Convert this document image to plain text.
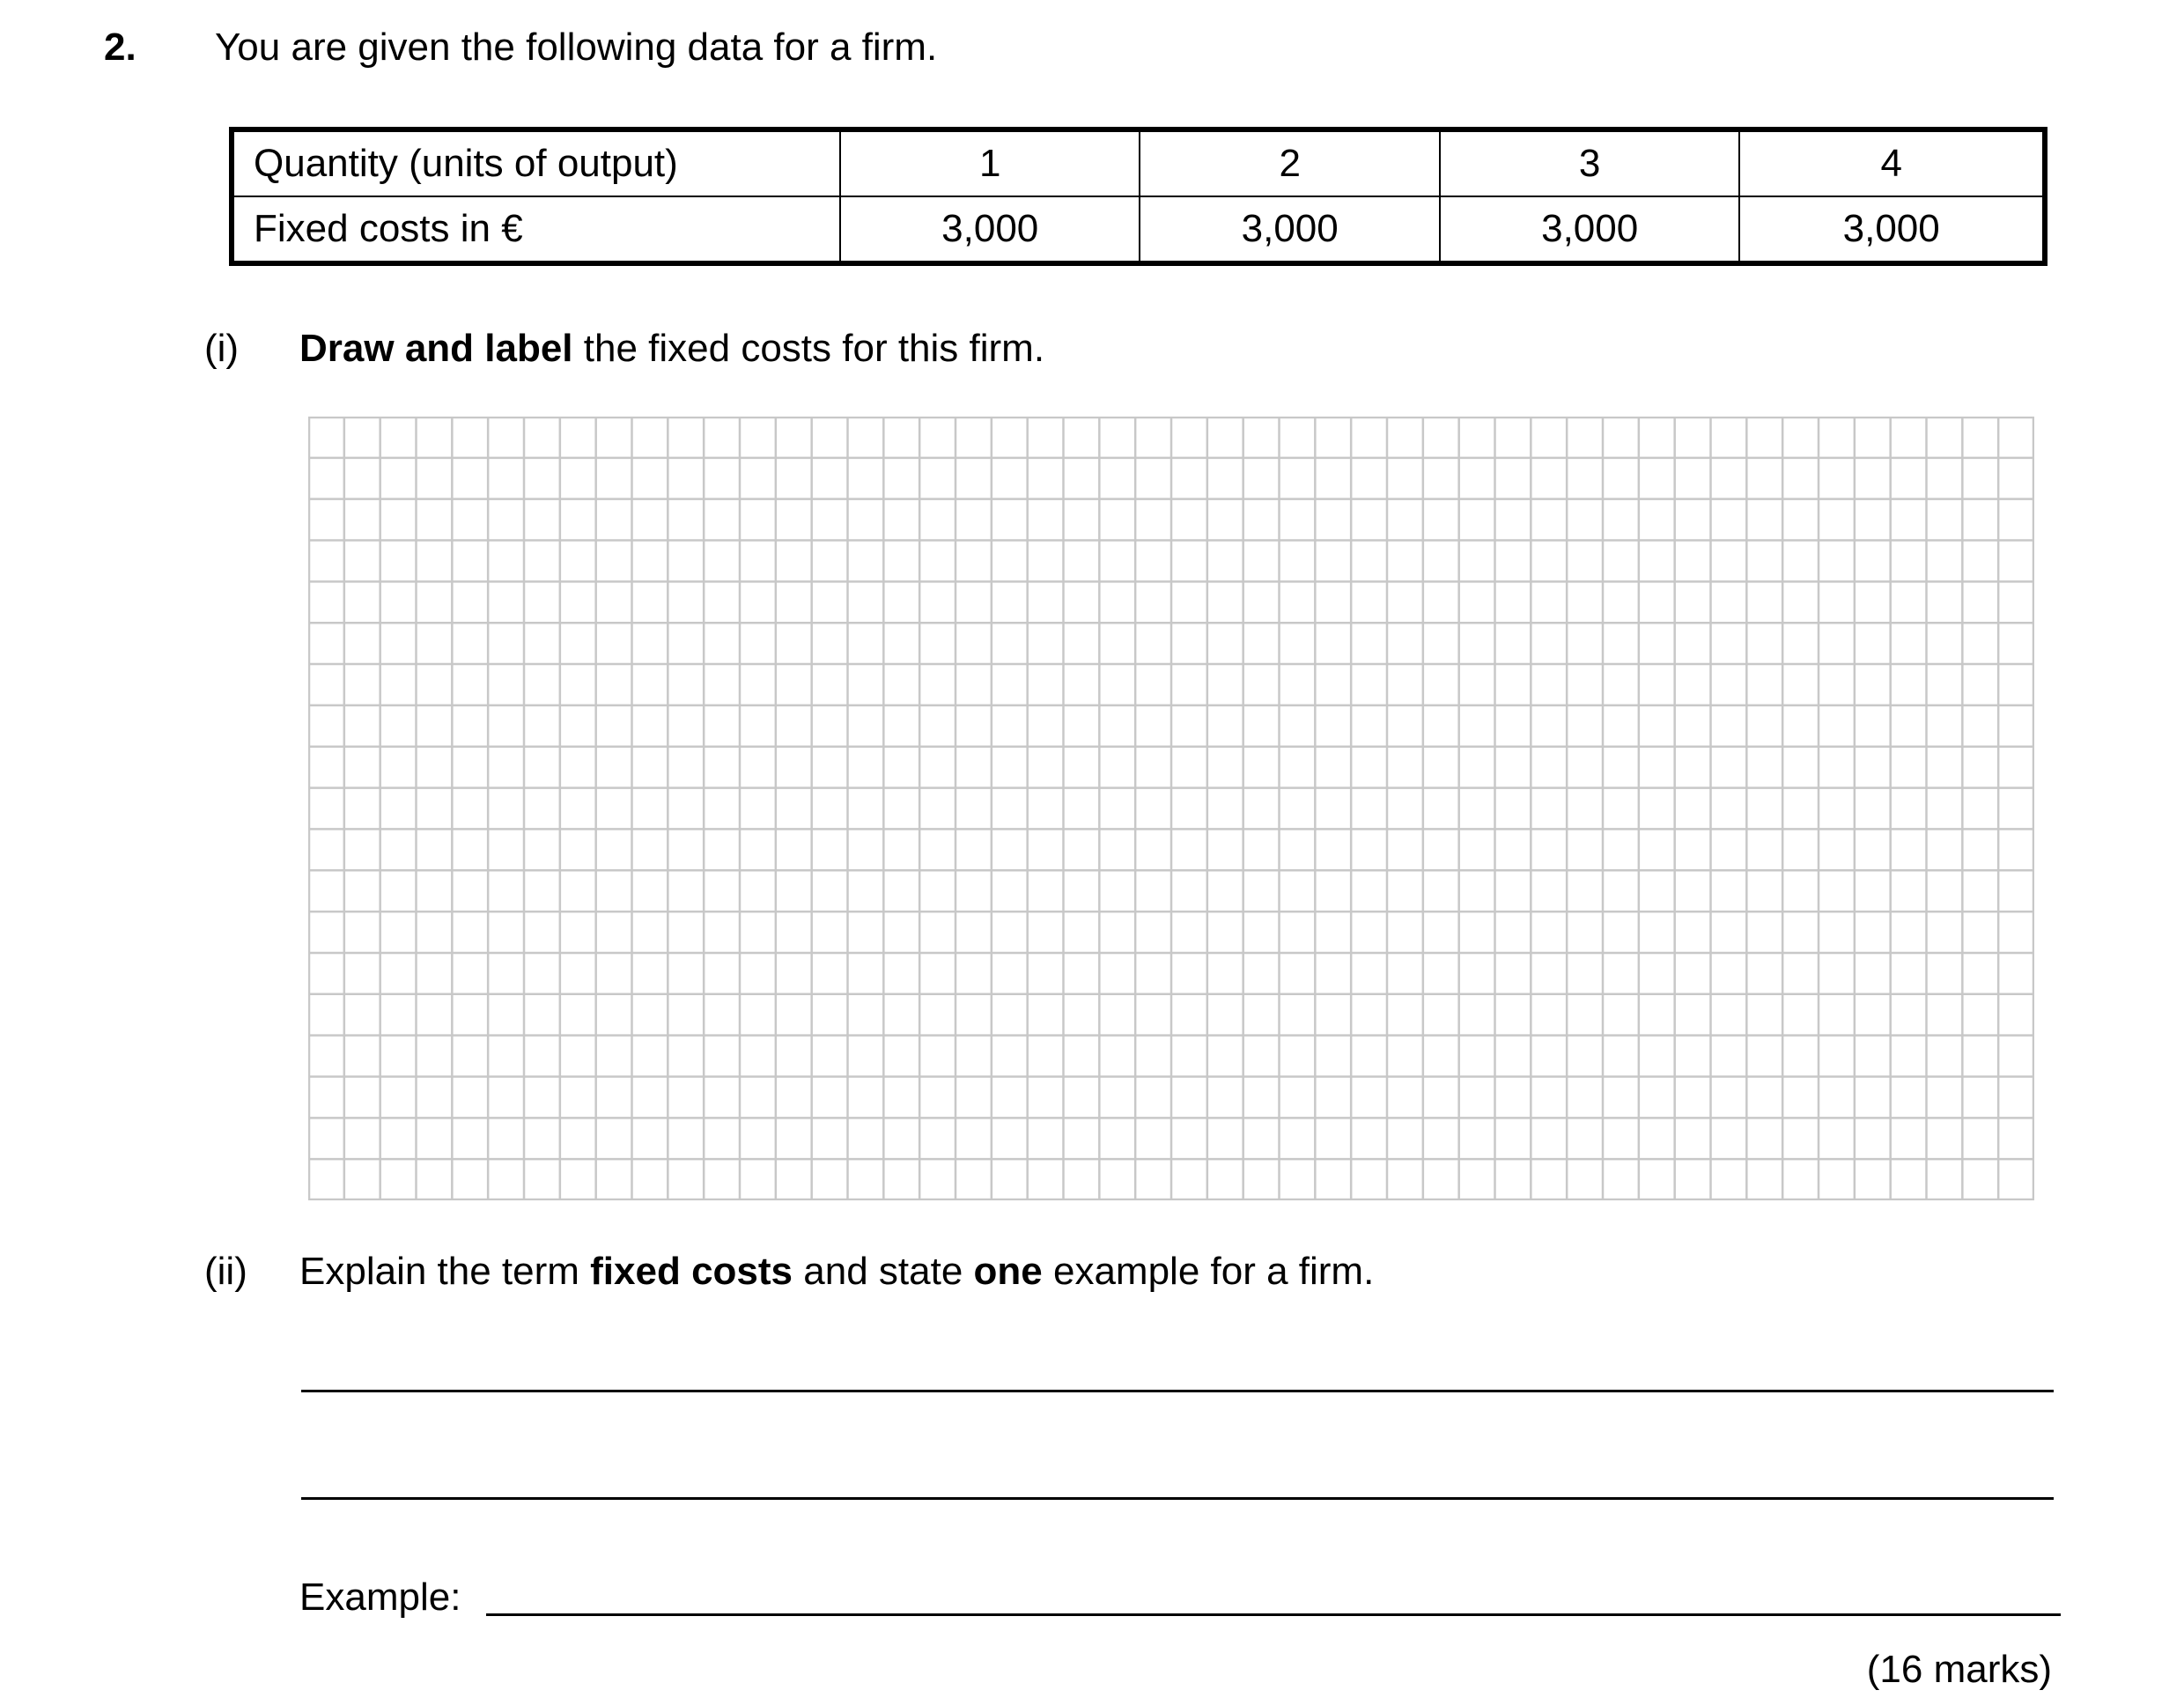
2. You are given the following data for a firm.
Quantity (units of output)	1	2	3	4
Fixed costs in €	3,000	3,000	3,000	3,000
(i) Draw and label the fixed costs for this firm.
(ii) Explain the term fixed costs and state one example for a firm.
Example:
(16 marks)
